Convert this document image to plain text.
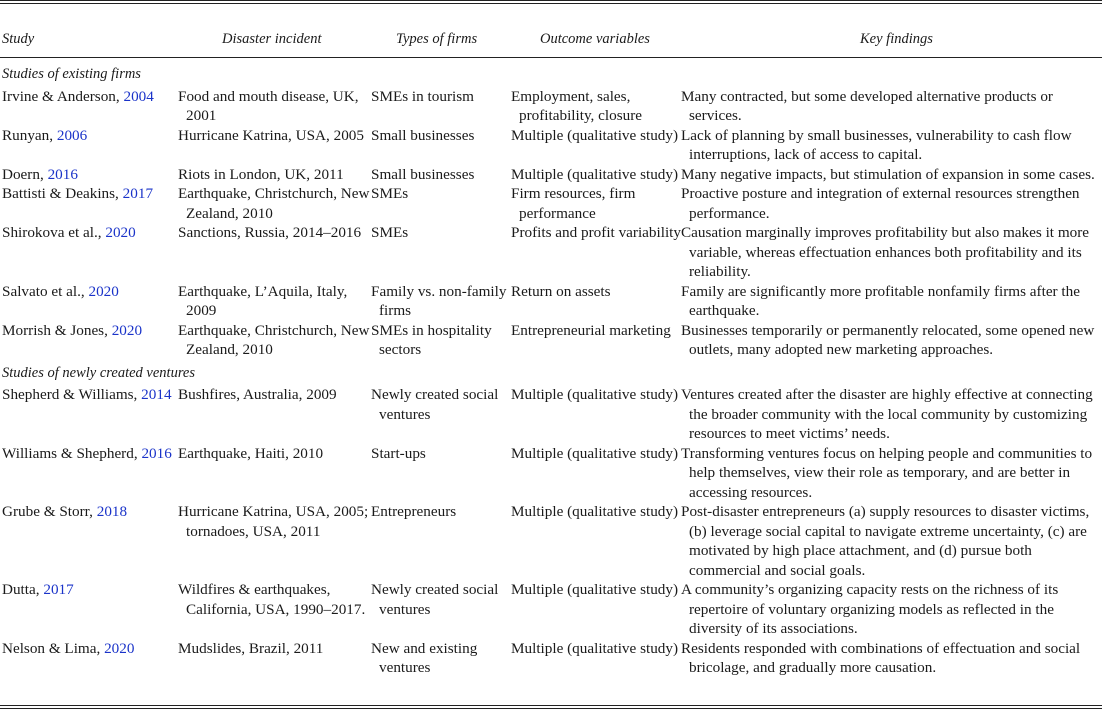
Study	Disaster incident	Types of firms	Outcome variables	Key findings
Studies of existing firms				

Irvine & Anderson, 2004	Food and mouth disease, UK, 2001	SMEs in tourism	Employment, sales, profitability, closure	Many contracted, but some developed alternative products or services.

Runyan, 2006	Hurricane Katrina, USA, 2005	Small businesses	Multiple (qualitative study)	Lack of planning by small businesses, vulnerability to cash flow interruptions, lack of access to capital.

Doern, 2016	Riots in London, UK, 2011	Small businesses	Multiple (qualitative study)	Many negative impacts, but stimulation of expansion in some cases.

Battisti & Deakins, 2017	Earthquake, Christchurch, New Zealand, 2010	SMEs	Firm resources, firm performance	Proactive posture and integration of external resources strengthen performance.

Shirokova et al., 2020	Sanctions, Russia, 2014–2016	SMEs	Profits and profit variability	Causation marginally improves profitability but also makes it more variable, whereas effectuation enhances both profitability and its reliability.

Salvato et al., 2020	Earthquake, L’Aquila, Italy, 2009	Family vs. non-family firms	Return on assets	Family are significantly more profitable nonfamily firms after the earthquake.

Morrish & Jones, 2020	Earthquake, Christchurch, New Zealand, 2010	SMEs in hospitality sectors	Entrepreneurial marketing	Businesses temporarily or permanently relocated, some opened new outlets, many adopted new marketing approaches.

Studies of newly created ventures				

Shepherd & Williams, 2014	Bushfires, Australia, 2009	Newly created social ventures	Multiple (qualitative study)	Ventures created after the disaster are highly effective at connecting the broader community with the local community by customizing resources to meet victims’ needs.

Williams & Shepherd, 2016	Earthquake, Haiti, 2010	Start-ups	Multiple (qualitative study)	Transforming ventures focus on helping people and communities to help themselves, view their role as temporary, and are better in accessing resources.

Grube & Storr, 2018	Hurricane Katrina, USA, 2005; tornadoes, USA, 2011	Entrepreneurs	Multiple (qualitative study)	Post-disaster entrepreneurs (a) supply resources to disaster victims, (b) leverage social capital to navigate extreme uncertainty, (c) are motivated by high place attachment, and (d) pursue both commercial and social goals.

Dutta, 2017	Wildfires & earthquakes, California, USA, 1990–2017.	Newly created social ventures	Multiple (qualitative study)	A community’s organizing capacity rests on the richness of its repertoire of voluntary organizing models as reflected in the diversity of its associations.

Nelson & Lima, 2020	Mudslides, Brazil, 2011	New and existing ventures	Multiple (qualitative study)	Residents responded with combinations of effectuation and social bricolage, and gradually more causation.
